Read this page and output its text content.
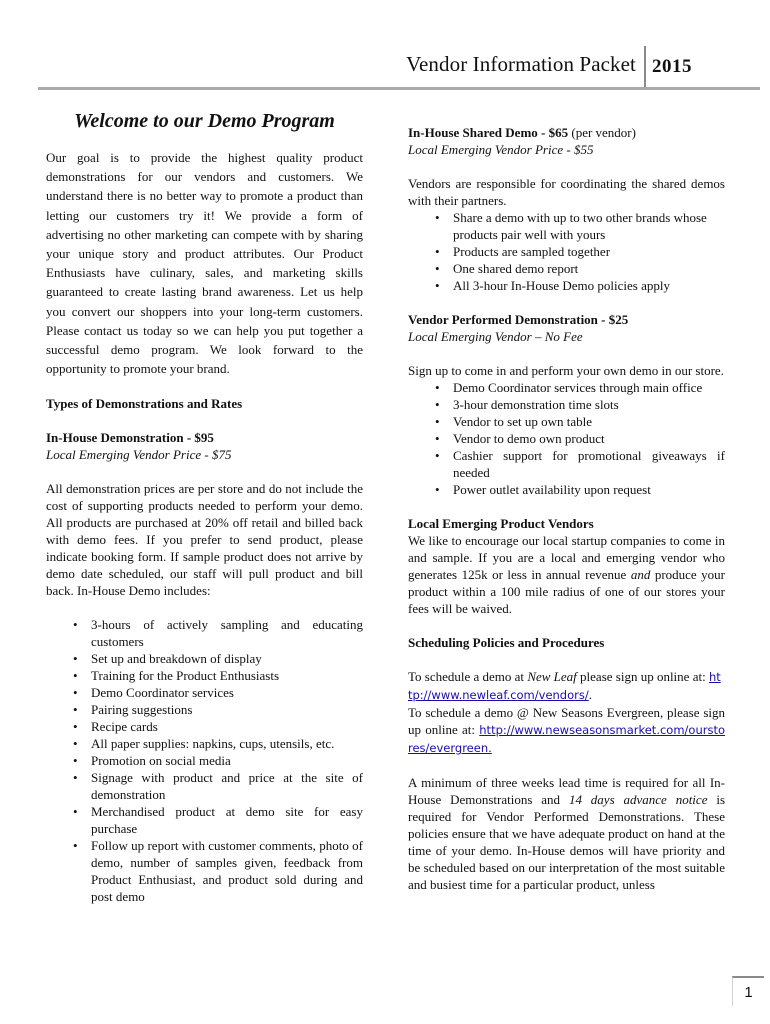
Vendor Information Packet 2015
Welcome to our Demo Program

Our goal is to provide the highest quality product demonstrations for our vendors and customers. We understand there is no better way to promote a product than letting our customers try it! We provide a form of advertising no other marketing can compete with by sharing your unique story and product attributes. Our Product Enthusiasts have culinary, sales, and marketing skills guaranteed to create lasting brand awareness. Let us help you convert our shoppers into your long-term customers. Please contact us today so we can help you put together a successful demo program. We look forward to the opportunity to promote your brand.

Types of Demonstrations and Rates

In-House Demonstration - $95

Local Emerging Vendor Price - $75

All demonstration prices are per store and do not include the cost of supporting products needed to perform your demo. All products are purchased at 20% off retail and billed back with demo fees. If you prefer to send product, please indicate booking form. If sample product does not arrive by demo date scheduled, our staff will pull product and bill back. In-House Demo includes:

• 3-hours of actively sampling and educating customers
• Set up and breakdown of display
• Training for the Product Enthusiasts
• Demo Coordinator services
• Pairing suggestions
• Recipe cards
• All paper supplies: napkins, cups, utensils, etc.
• Promotion on social media
• Signage with product and price at the site of demonstration
• Merchandised product at demo site for easy purchase
• Follow up report with customer comments, photo of demo, number of samples given, feedback from Product Enthusiast, and product sold during and post demo

In-House Shared Demo - $65 (per vendor)

Local Emerging Vendor Price - $55

Vendors are responsible for coordinating the shared demos with their partners.

• Share a demo with up to two other brands whose products pair well with yours
• Products are sampled together
• One shared demo report
• All 3-hour In-House Demo policies apply

Vendor Performed Demonstration - $25

Local Emerging Vendor – No Fee

Sign up to come in and perform your own demo in our store.

• Demo Coordinator services through main office
• 3-hour demonstration time slots
• Vendor to set up own table
• Vendor to demo own product
• Cashier support for promotional giveaways if needed
• Power outlet availability upon request

Local Emerging Product Vendors

We like to encourage our local startup companies to come in and sample. If you are a local and emerging vendor who generates 125k or less in annual revenue and produce your product within a 100 mile radius of one of our stores your fees will be waived.

Scheduling Policies and Procedures

To schedule a demo at New Leaf please sign up online at: http://www.newleaf.com/vendors/.

To schedule a demo @ New Seasons Evergreen, please sign up online at: http://www.newseasonsmarket.com/ourstores/evergreen.

A minimum of three weeks lead time is required for all In-House Demonstrations and 14 days advance notice is required for Vendor Performed Demonstrations. These policies ensure that we have adequate product on hand at the time of your demo. In-House demos will have priority and be scheduled based on our interpretation of the most suitable and busiest time for a particular product, unless

1
